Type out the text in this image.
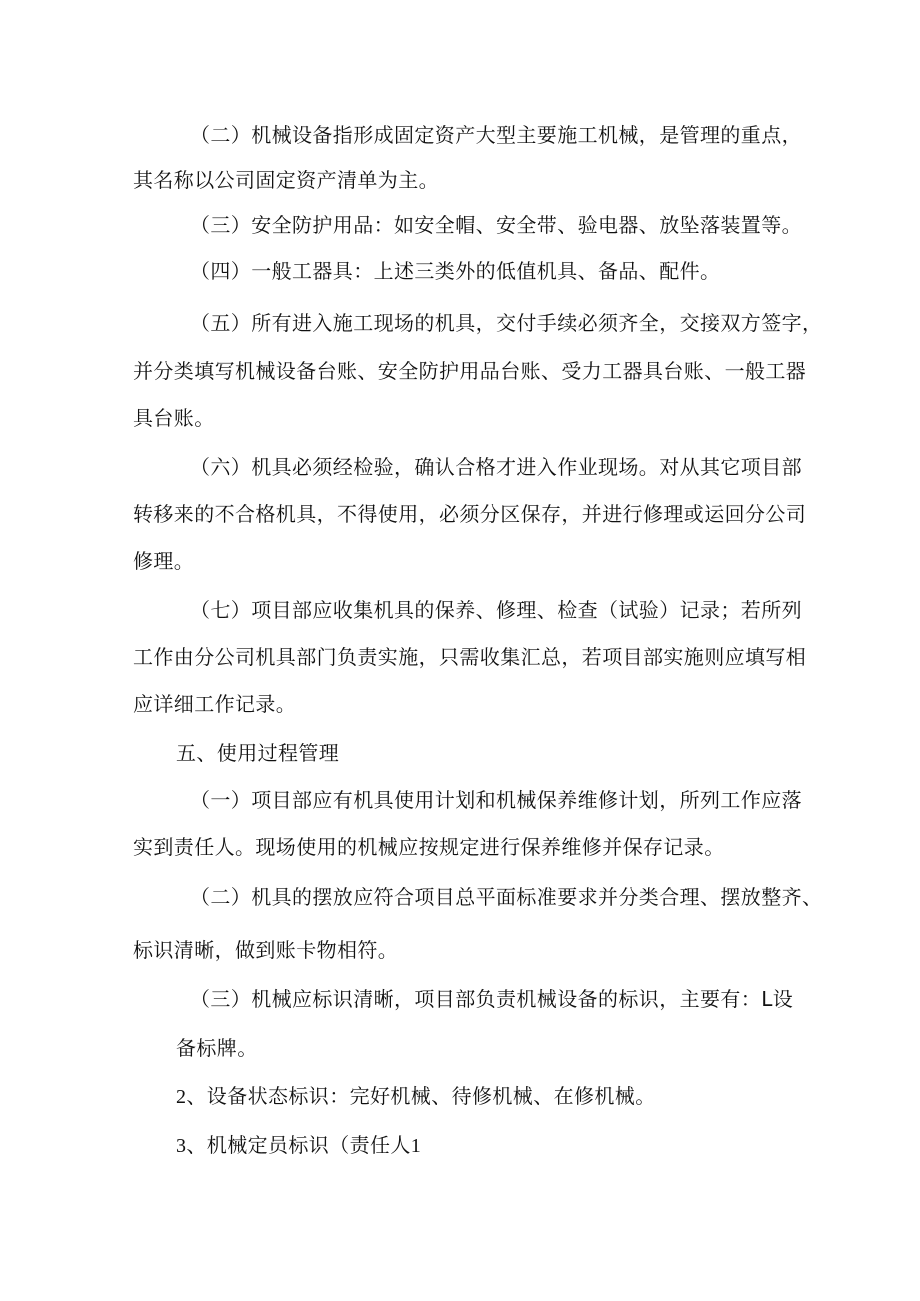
（二）机械设备指形成固定资产大型主要施工机械，是管理的重点，
其名称以公司固定资产清单为主。
（三）安全防护用品：如安全帽、安全带、验电器、放坠落装置等。
（四）一般工器具：上述三类外的低值机具、备品、配件。
（五）所有进入施工现场的机具，交付手续必须齐全，交接双方签字，
并分类填写机械设备台账、安全防护用品台账、受力工器具台账、一般工器
具台账。
（六）机具必须经检验，确认合格才进入作业现场。对从其它项目部
转移来的不合格机具，不得使用，必须分区保存，并进行修理或运回分公司
修理。
（七）项目部应收集机具的保养、修理、检查（试验）记录；若所列
工作由分公司机具部门负责实施，只需收集汇总，若项目部实施则应填写相
应详细工作记录。
五、使用过程管理
（一）项目部应有机具使用计划和机械保养维修计划，所列工作应落
实到责任人。现场使用的机械应按规定进行保养维修并保存记录。
（二）机具的摆放应符合项目总平面标准要求并分类合理、摆放整齐、
标识清晰，做到账卡物相符。
（三）机械应标识清晰，项目部负责机械设备的标识，主要有：L设
备标牌。
2、设备状态标识：完好机械、待修机械、在修机械。
3、机械定员标识（责任人1
